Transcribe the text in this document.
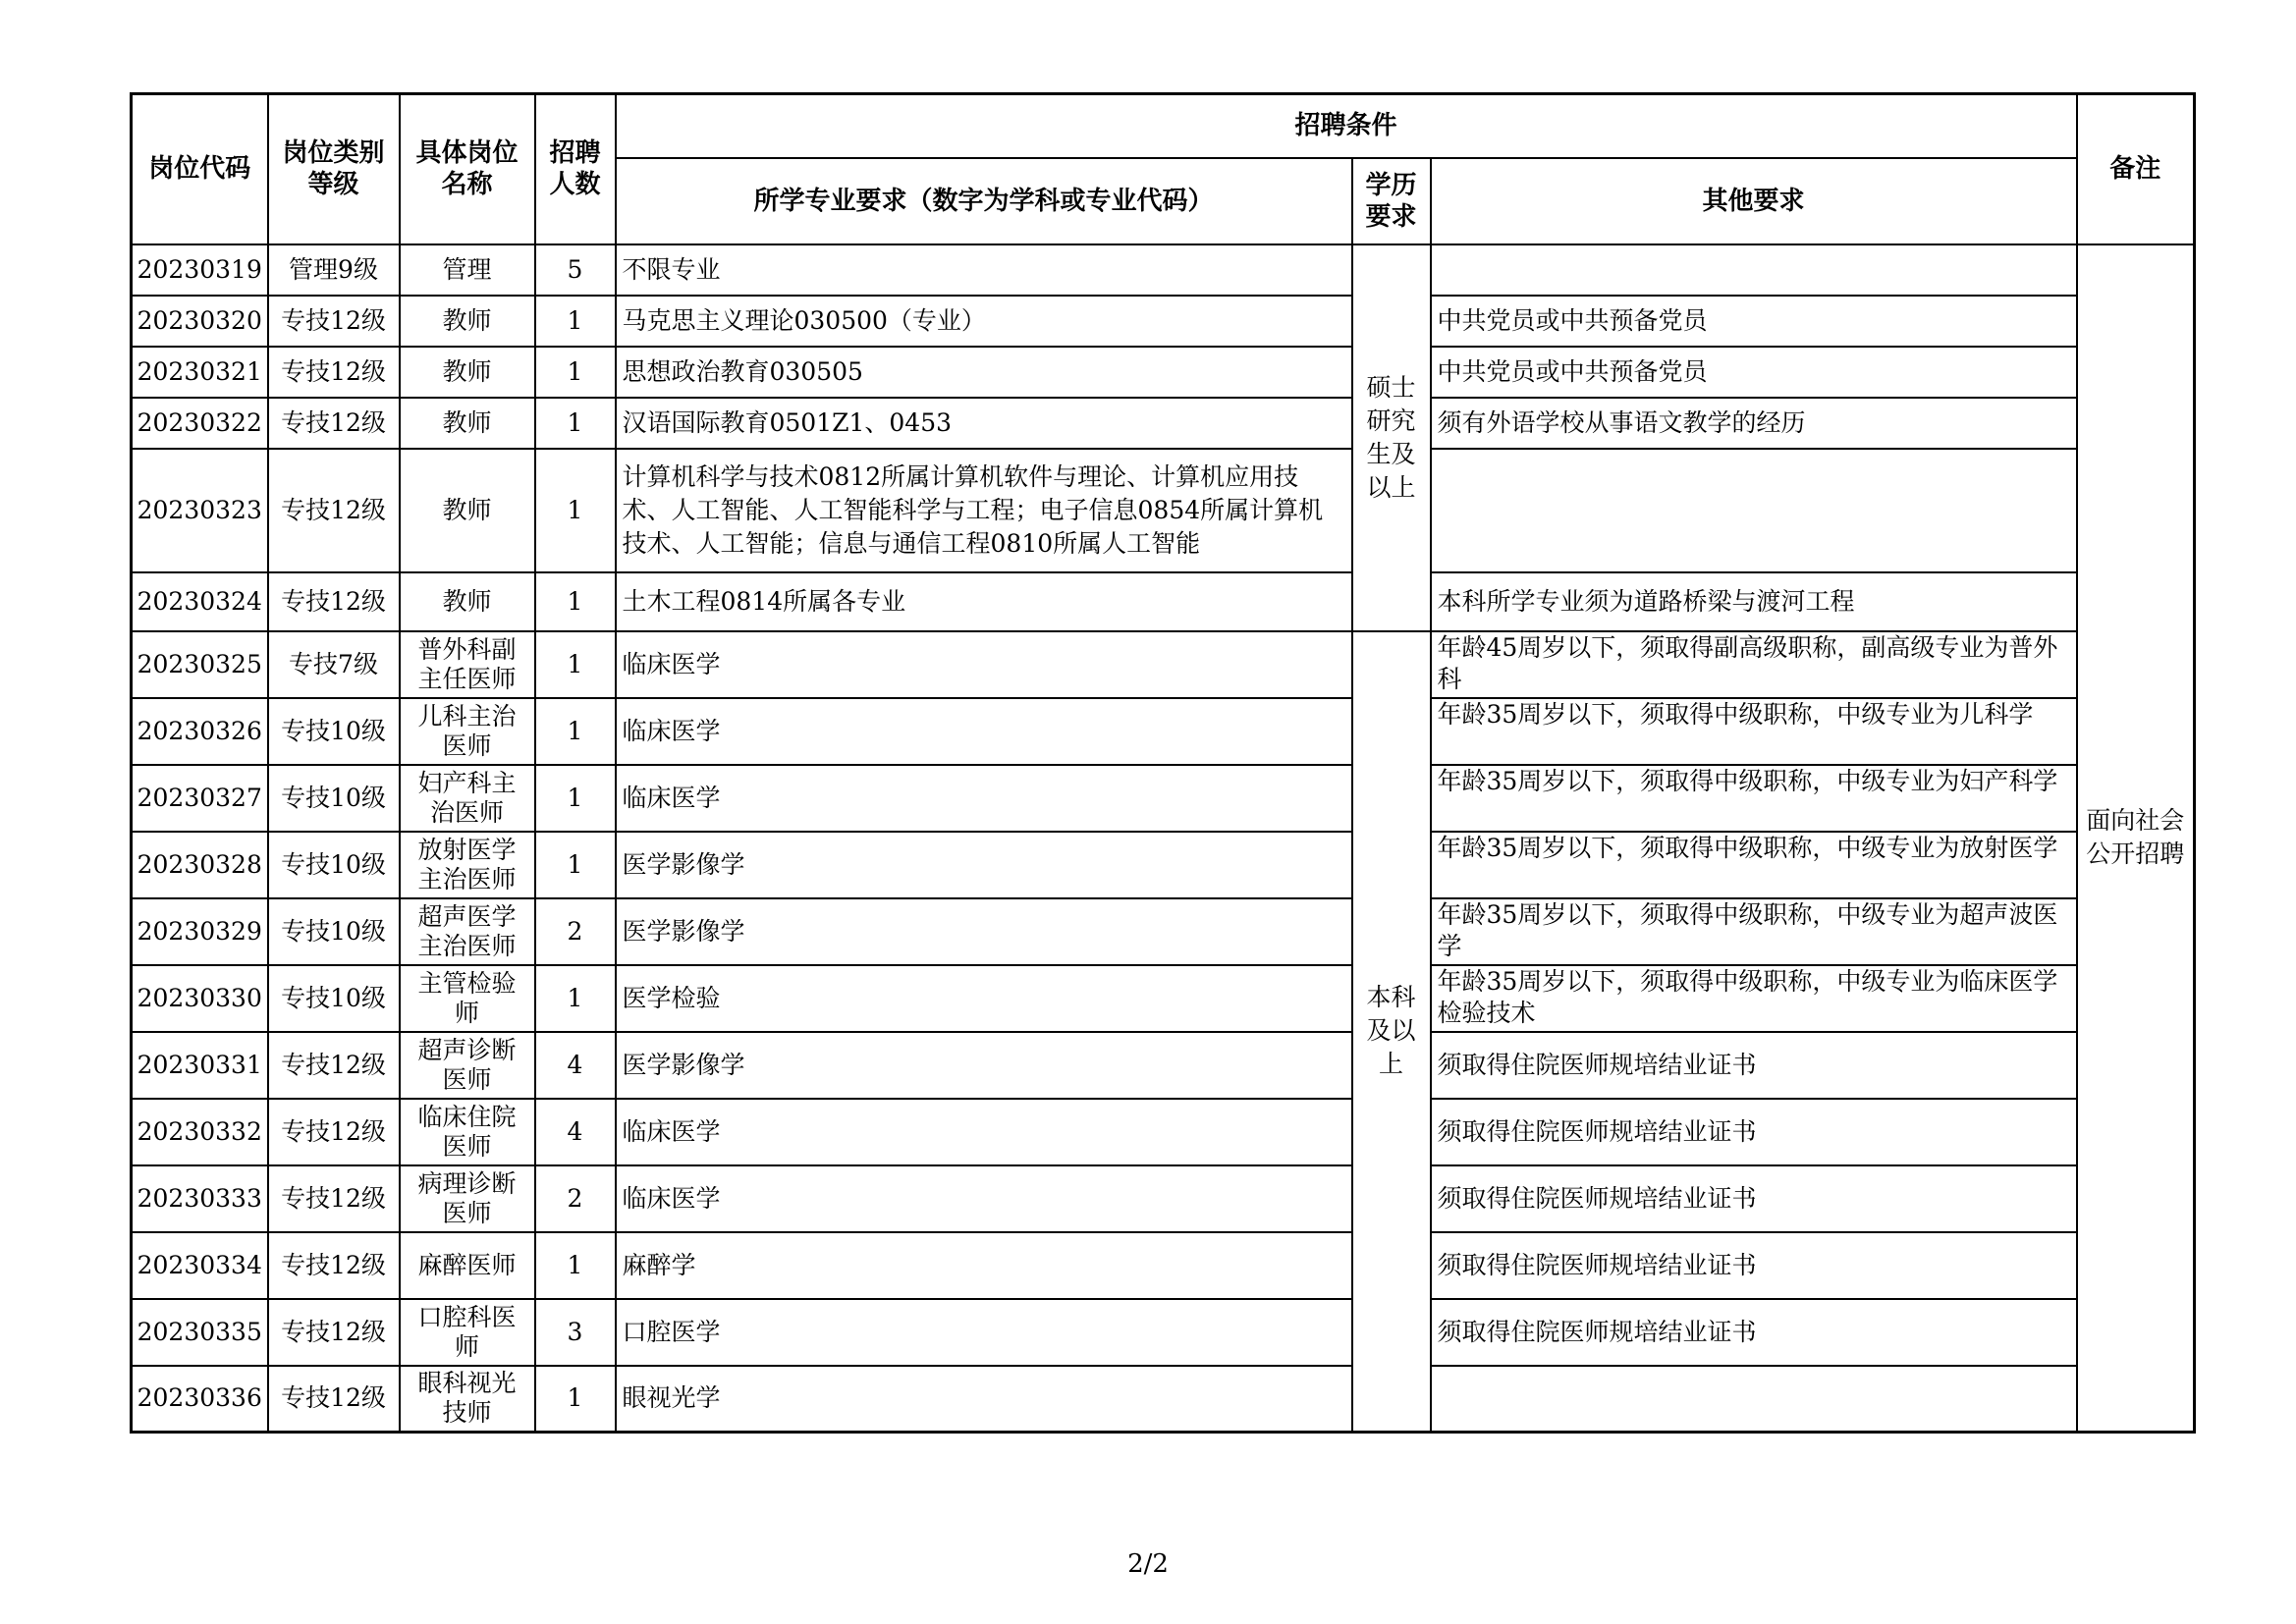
岗位代码	岗位类别等级	具体岗位名称	招聘人数	招聘条件			备注
				所学专业要求（数字为学科或专业代码）	学历要求	其他要求	
20230319	管理9级	管理	5	不限专业	硕士研究生及以上		面向社会公开招聘
20230320	专技12级	教师	1	马克思主义理论030500（专业）		中共党员或中共预备党员	
20230321	专技12级	教师	1	思想政治教育030505		中共党员或中共预备党员	
20230322	专技12级	教师	1	汉语国际教育0501Z1、0453		须有外语学校从事语文教学的经历	
20230323	专技12级	教师	1	计算机科学与技术0812所属计算机软件与理论、计算机应用技术、人工智能、人工智能科学与工程；电子信息0854所属计算机技术、人工智能；信息与通信工程0810所属人工智能			
20230324	专技12级	教师	1	土木工程0814所属各专业		本科所学专业须为道路桥梁与渡河工程	
20230325	专技7级	普外科副主任医师	1	临床医学	本科及以上	年龄45周岁以下，须取得副高级职称，副高级专业为普外科	
20230326	专技10级	儿科主治医师	1	临床医学		年龄35周岁以下，须取得中级职称，中级专业为儿科学	
20230327	专技10级	妇产科主治医师	1	临床医学		年龄35周岁以下，须取得中级职称，中级专业为妇产科学	
20230328	专技10级	放射医学主治医师	1	医学影像学		年龄35周岁以下，须取得中级职称，中级专业为放射医学	
20230329	专技10级	超声医学主治医师	2	医学影像学		年龄35周岁以下，须取得中级职称，中级专业为超声波医学	
20230330	专技10级	主管检验师	1	医学检验		年龄35周岁以下，须取得中级职称，中级专业为临床医学检验技术	
20230331	专技12级	超声诊断医师	4	医学影像学		须取得住院医师规培结业证书	
20230332	专技12级	临床住院医师	4	临床医学		须取得住院医师规培结业证书	
20230333	专技12级	病理诊断医师	2	临床医学		须取得住院医师规培结业证书	
20230334	专技12级	麻醉医师	1	麻醉学		须取得住院医师规培结业证书	
20230335	专技12级	口腔科医师	3	口腔医学		须取得住院医师规培结业证书	
20230336	专技12级	眼科视光技师	1	眼视光学			
2/2
